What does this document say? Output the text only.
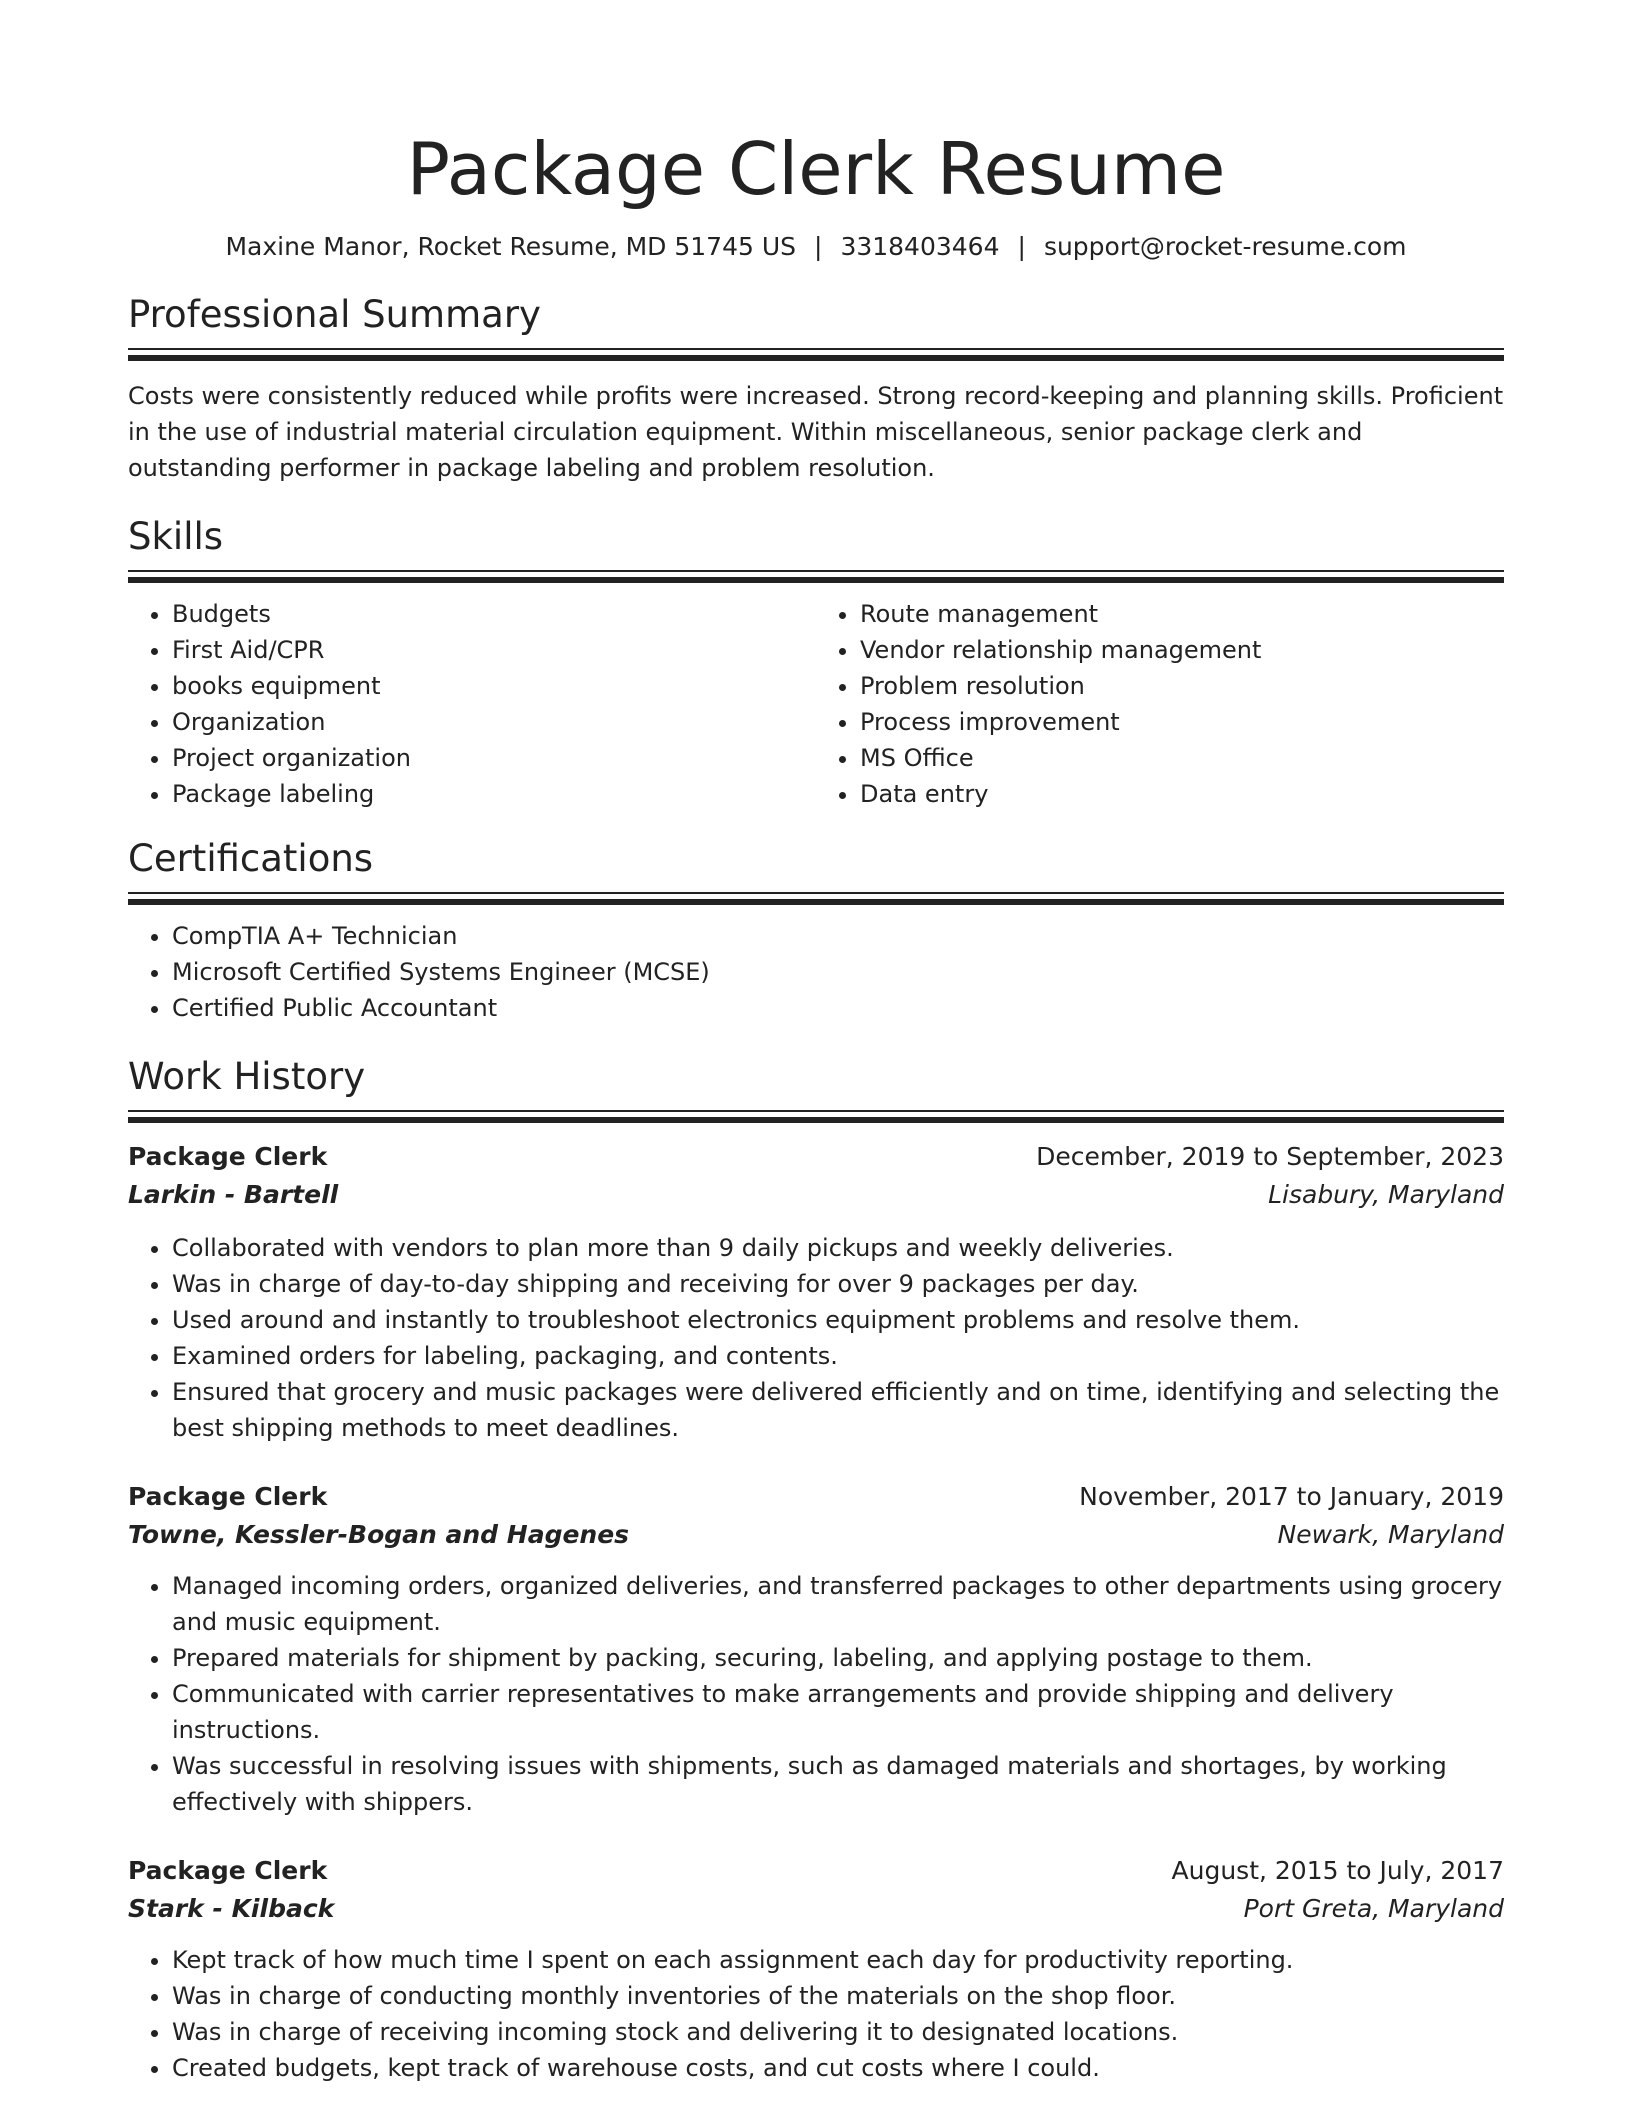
Package Clerk Resume
Maxine Manor, Rocket Resume, MD 51745 US | 3318403464 | support@rocket-resume.com
Professional Summary
Costs were consistently reduced while profits were increased. Strong record-keeping and planning skills. Proficient in the use of industrial material circulation equipment. Within miscellaneous, senior package clerk and outstanding performer in package labeling and problem resolution.
Skills
• Budgets
• First Aid/CPR
• books equipment
• Organization
• Project organization
• Package labeling
• Route management
• Vendor relationship management
• Problem resolution
• Process improvement
• MS Office
• Data entry
Certifications
• CompTIA A+ Technician
• Microsoft Certified Systems Engineer (MCSE)
• Certified Public Accountant
Work History
Package Clerk	December, 2019 to September, 2023
Larkin - Bartell	Lisabury, Maryland
• Collaborated with vendors to plan more than 9 daily pickups and weekly deliveries.
• Was in charge of day-to-day shipping and receiving for over 9 packages per day.
• Used around and instantly to troubleshoot electronics equipment problems and resolve them.
• Examined orders for labeling, packaging, and contents.
• Ensured that grocery and music packages were delivered efficiently and on time, identifying and selecting the best shipping methods to meet deadlines.
Package Clerk	November, 2017 to January, 2019
Towne, Kessler-Bogan and Hagenes	Newark, Maryland
• Managed incoming orders, organized deliveries, and transferred packages to other departments using grocery and music equipment.
• Prepared materials for shipment by packing, securing, labeling, and applying postage to them.
• Communicated with carrier representatives to make arrangements and provide shipping and delivery instructions.
• Was successful in resolving issues with shipments, such as damaged materials and shortages, by working effectively with shippers.
Package Clerk	August, 2015 to July, 2017
Stark - Kilback	Port Greta, Maryland
• Kept track of how much time I spent on each assignment each day for productivity reporting.
• Was in charge of conducting monthly inventories of the materials on the shop floor.
• Was in charge of receiving incoming stock and delivering it to designated locations.
• Created budgets, kept track of warehouse costs, and cut costs where I could.
